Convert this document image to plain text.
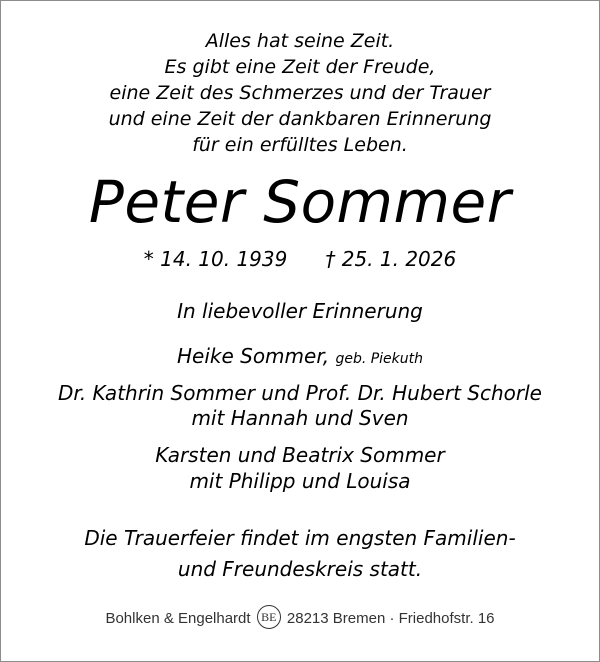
Alles hat seine Zeit.
Es gibt eine Zeit der Freude,
eine Zeit des Schmerzes und der Trauer
und eine Zeit der dankbaren Erinnerung
für ein erfülltes Leben.
Peter Sommer
* 14. 10. 1939 † 25. 1. 2026
In liebevoller Erinnerung
Heike Sommer, geb. Piekuth
Dr. Kathrin Sommer und Prof. Dr. Hubert Schorle
mit Hannah und Sven
Karsten und Beatrix Sommer
mit Philipp und Louisa
Die Trauerfeier findet im engsten Familien-
und Freundeskreis statt.
Bohlken & Engelhardt BE 28213 Bremen · Friedhofstr. 16
